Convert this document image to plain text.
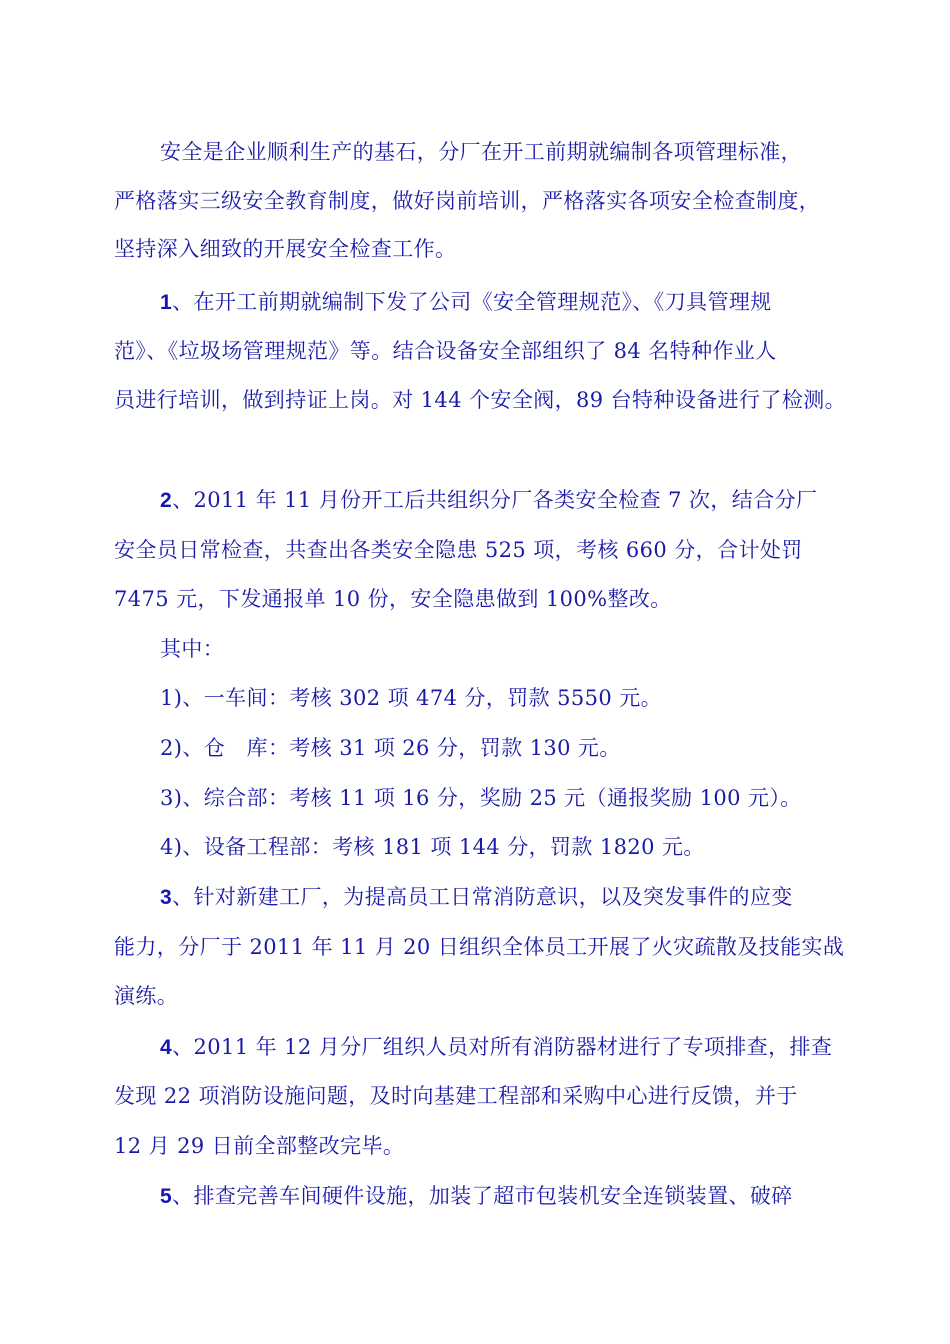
安全是企业顺利生产的基石，分厂在开工前期就编制各项管理标准，
严格落实三级安全教育制度，做好岗前培训，严格落实各项安全检查制度，
坚持深入细致的开展安全检查工作。
1、在开工前期就编制下发了公司《安全管理规范》、《刀具管理规
范》、《垃圾场管理规范》等。结合设备安全部组织了 84 名特种作业人
员进行培训，做到持证上岗。对 144 个安全阀，89 台特种设备进行了检测。
2、2011 年 11 月份开工后共组织分厂各类安全检查 7 次，结合分厂
安全员日常检查，共查出各类安全隐患 525 项，考核 660 分，合计处罚
7475 元，下发通报单 10 份，安全隐患做到 100%整改。
其中：
1)、一车间：考核 302 项 474 分，罚款 5550 元。
2)、仓　库：考核 31 项 26 分，罚款 130 元。
3)、综合部：考核 11 项 16 分，奖励 25 元（通报奖励 100 元）。
4)、设备工程部：考核 181 项 144 分，罚款 1820 元。
3、针对新建工厂，为提高员工日常消防意识，以及突发事件的应变
能力，分厂于 2011 年 11 月 20 日组织全体员工开展了火灾疏散及技能实战
演练。
4、2011 年 12 月分厂组织人员对所有消防器材进行了专项排查，排查
发现 22 项消防设施问题，及时向基建工程部和采购中心进行反馈，并于
12 月 29 日前全部整改完毕。
5、排查完善车间硬件设施，加装了超市包装机安全连锁装置、破碎
